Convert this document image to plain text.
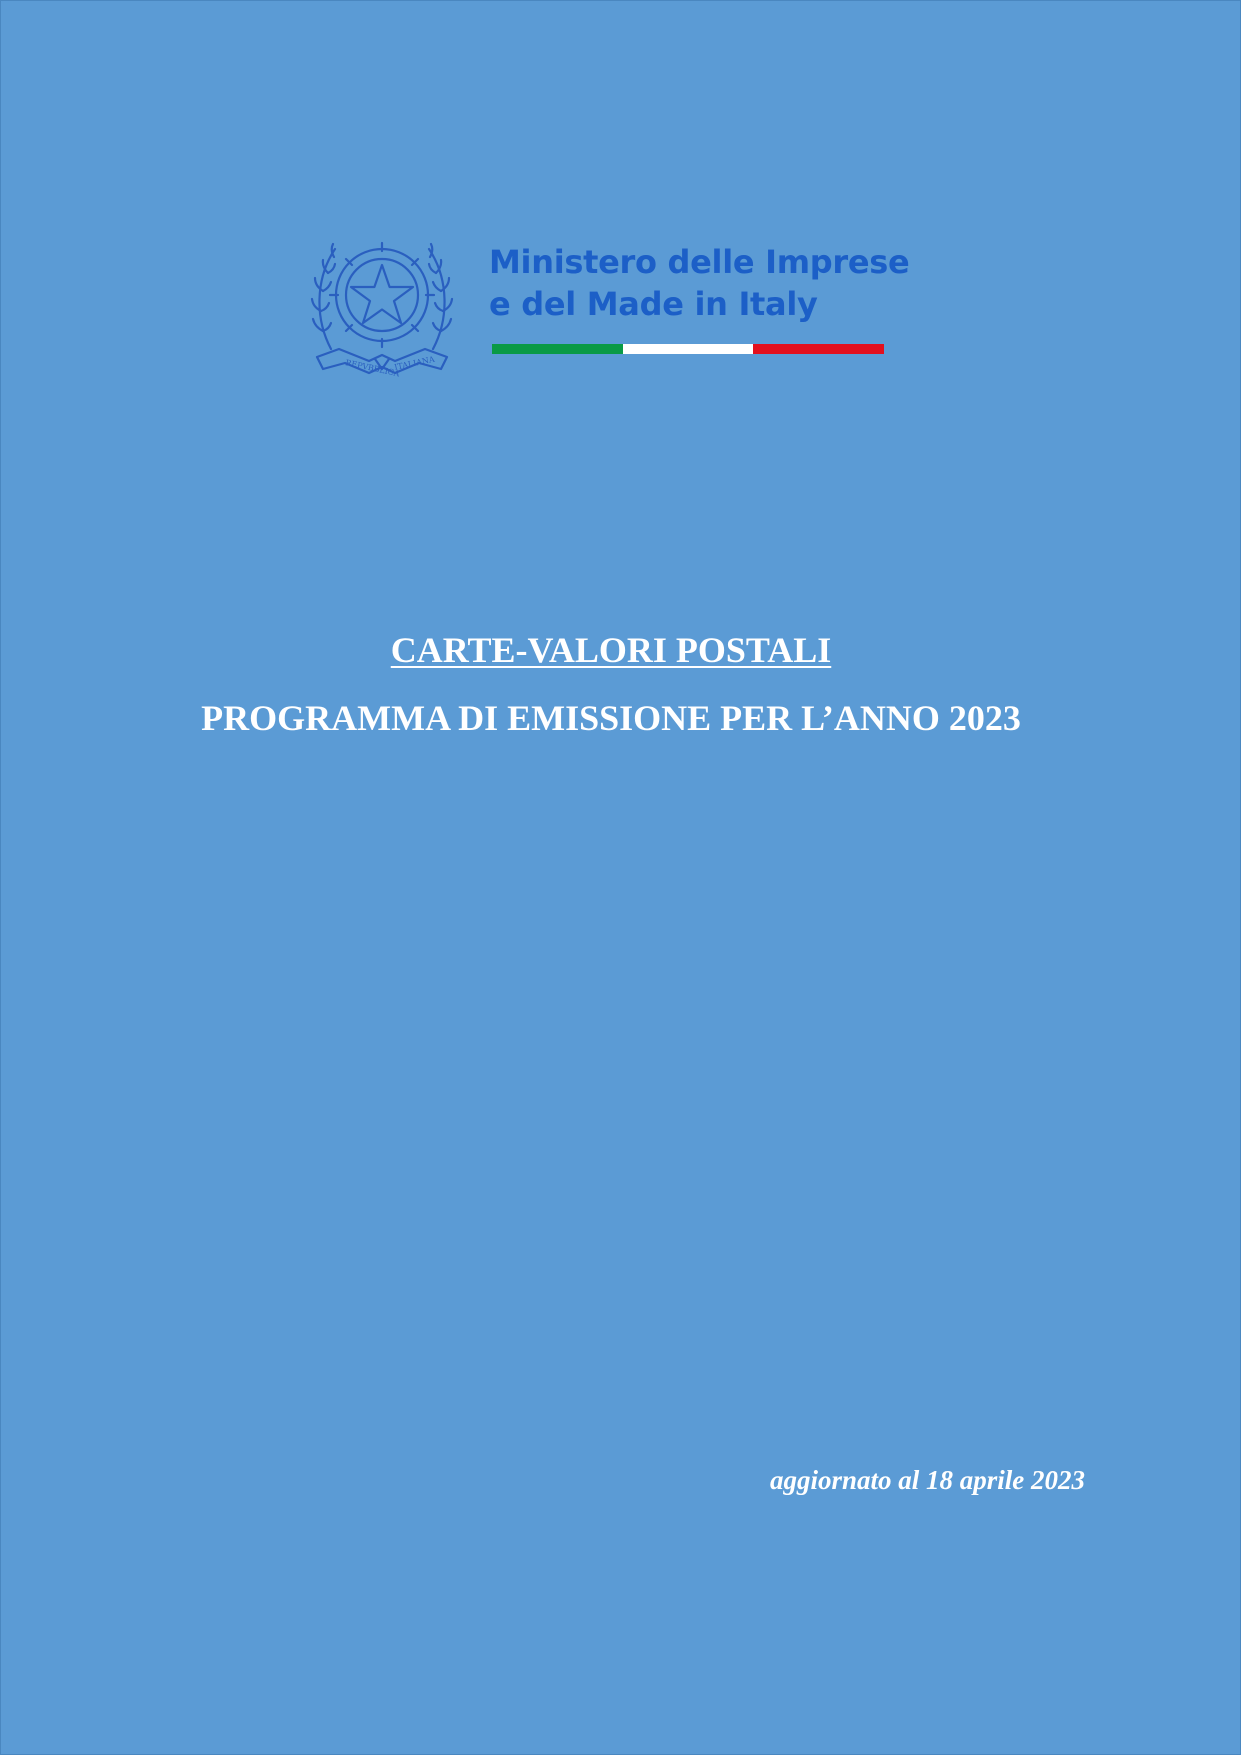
REPVBBLICA
ITALIANA
Ministero delle Imprese
e del Made in Italy
CARTE-VALORI POSTALI
PROGRAMMA DI EMISSIONE PER L’ANNO 2023
aggiornato al 18 aprile 2023
